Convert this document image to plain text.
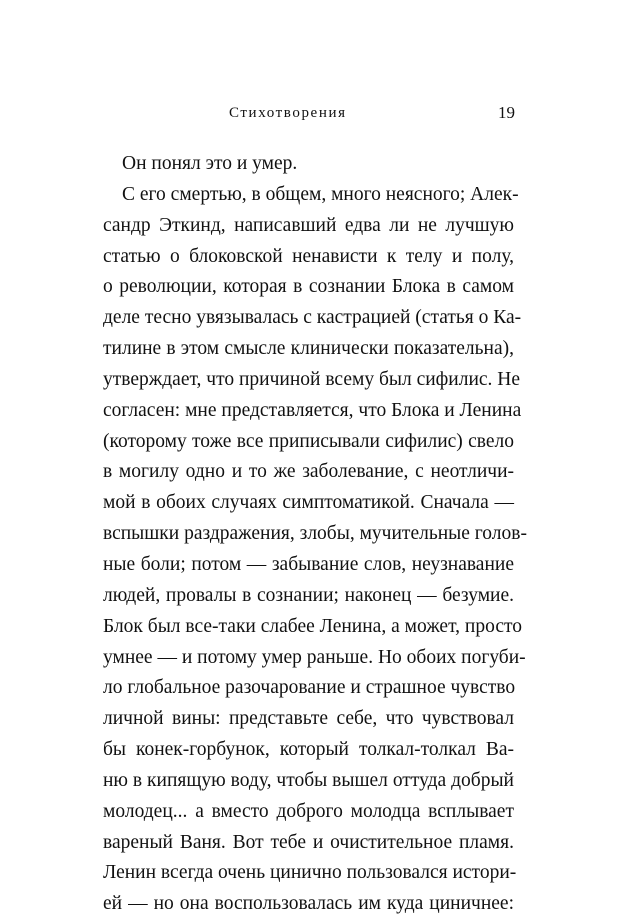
Стихотворения	19
Он понял это и умер.
С его смертью, в общем, много неясного; Алек-
сандр Эткинд, написавший едва ли не лучшую
статью о блоковской ненависти к телу и полу,
о революции, которая в сознании Блока в самом
деле тесно увязывалась с кастрацией (статья о Ка-
тилине в этом смысле клинически показательна),
утверждает, что причиной всему был сифилис. Не
согласен: мне представляется, что Блока и Ленина
(которому тоже все приписывали сифилис) свело
в могилу одно и то же заболевание, с неотличи-
мой в обоих случаях симптоматикой. Сначала —
вспышки раздражения, злобы, мучительные голов-
ные боли; потом — забывание слов, неузнавание
людей, провалы в сознании; наконец — безумие.
Блок был все-таки слабее Ленина, а может, просто
умнее — и потому умер раньше. Но обоих погуби-
ло глобальное разочарование и страшное чувство
личной вины: представьте себе, что чувствовал
бы конек-горбунок, который толкал-толкал Ва-
ню в кипящую воду, чтобы вышел оттуда добрый
молодец... а вместо доброго молодца всплывает
вареный Ваня. Вот тебе и очистительное пламя.
Ленин всегда очень цинично пользовался истори-
ей — но она воспользовалась им куда циничнее:
